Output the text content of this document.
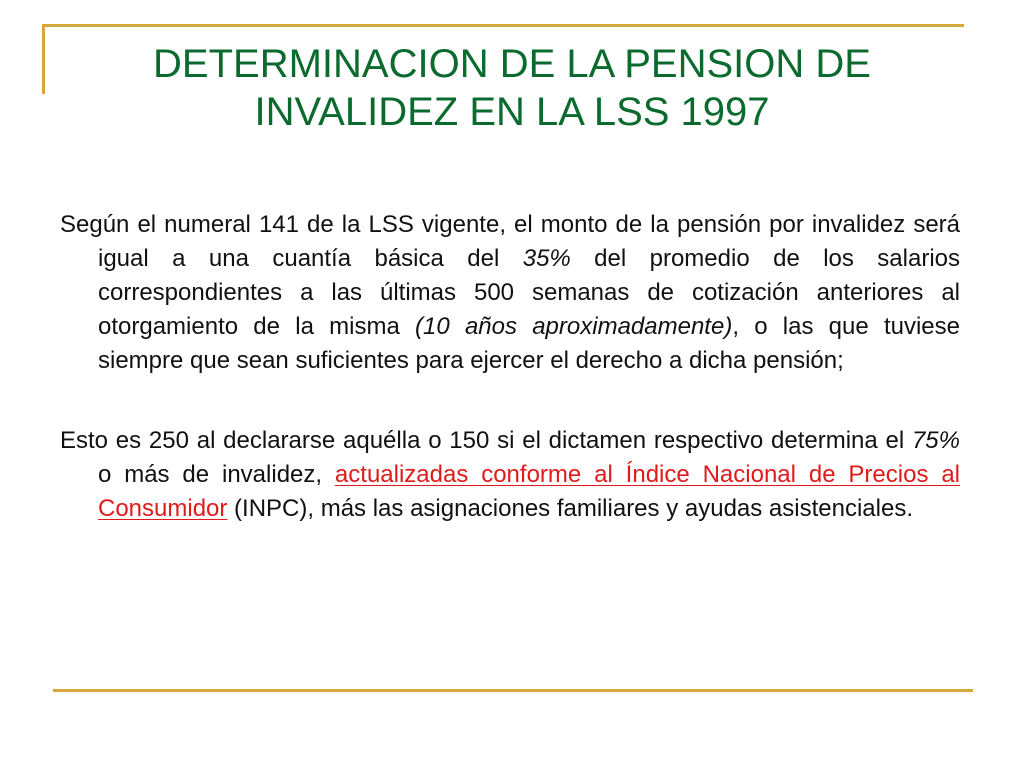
DETERMINACION DE LA PENSION DE
INVALIDEZ EN LA LSS 1997

Según el numeral 141 de la LSS vigente, el monto de la pensión por invalidez será igual a una cuantía básica del 35% del promedio de los salarios correspondientes a las últimas 500 semanas de cotización anteriores al otorgamiento de la misma (10 años aproximadamente), o las que tuviese siempre que sean suficientes para ejercer el derecho a dicha pensión;

Esto es 250 al declararse aquélla o 150 si el dictamen respectivo determina el 75% o más de invalidez, actualizadas conforme al Índice Nacional de Precios al Consumidor (INPC), más las asignaciones familiares y ayudas asistenciales.
